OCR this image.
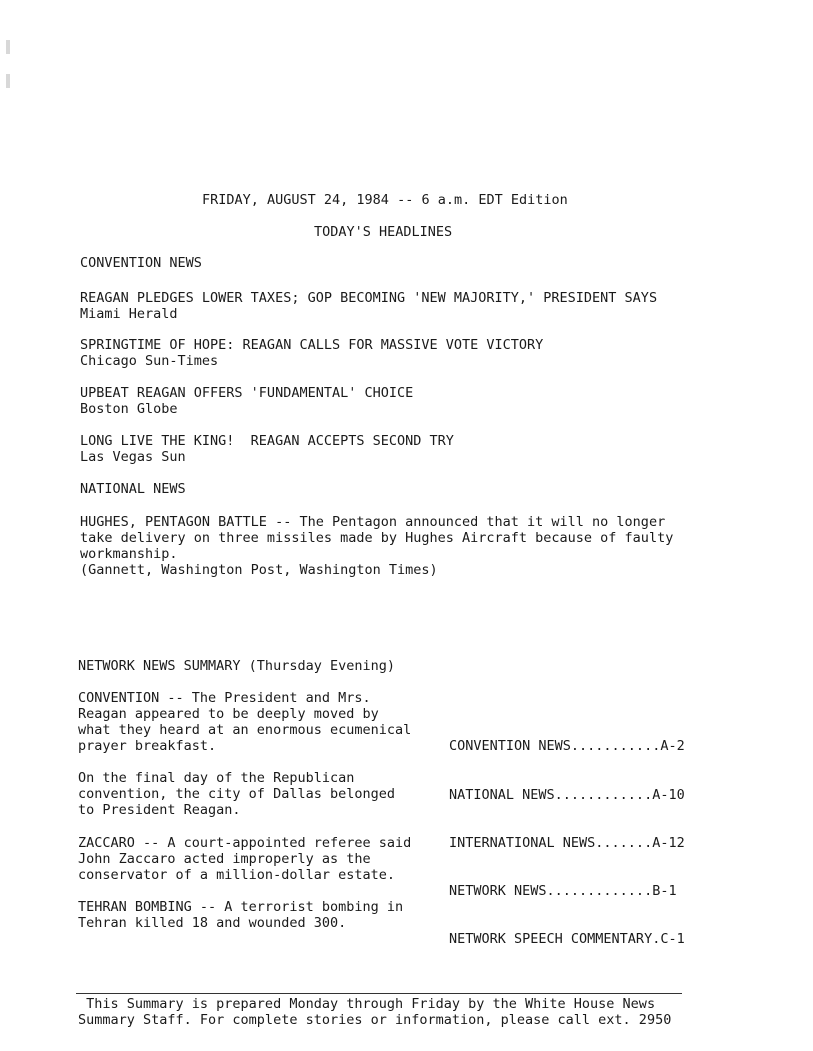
FRIDAY, AUGUST 24, 1984 -- 6 a.m. EDT Edition
TODAY'S HEADLINES
CONVENTION NEWS
REAGAN PLEDGES LOWER TAXES; GOP BECOMING 'NEW MAJORITY,' PRESIDENT SAYS
Miami Herald
SPRINGTIME OF HOPE: REAGAN CALLS FOR MASSIVE VOTE VICTORY
Chicago Sun-Times
UPBEAT REAGAN OFFERS 'FUNDAMENTAL' CHOICE
Boston Globe
LONG LIVE THE KING!  REAGAN ACCEPTS SECOND TRY
Las Vegas Sun
NATIONAL NEWS
HUGHES, PENTAGON BATTLE -- The Pentagon announced that it will no longer
take delivery on three missiles made by Hughes Aircraft because of faulty
workmanship.
(Gannett, Washington Post, Washington Times)
NETWORK NEWS SUMMARY (Thursday Evening)
CONVENTION -- The President and Mrs.
Reagan appeared to be deeply moved by
what they heard at an enormous ecumenical
prayer breakfast.
On the final day of the Republican
convention, the city of Dallas belonged
to President Reagan.
ZACCARO -- A court-appointed referee said
John Zaccaro acted improperly as the
conservator of a million-dollar estate.
TEHRAN BOMBING -- A terrorist bombing in
Tehran killed 18 and wounded 300.
CONVENTION NEWS...........A-2
NATIONAL NEWS............A-10
INTERNATIONAL NEWS.......A-12
NETWORK NEWS.............B-1
NETWORK SPEECH COMMENTARY.C-1
This Summary is prepared Monday through Friday by the White House News
Summary Staff. For complete stories or information, please call ext. 2950
